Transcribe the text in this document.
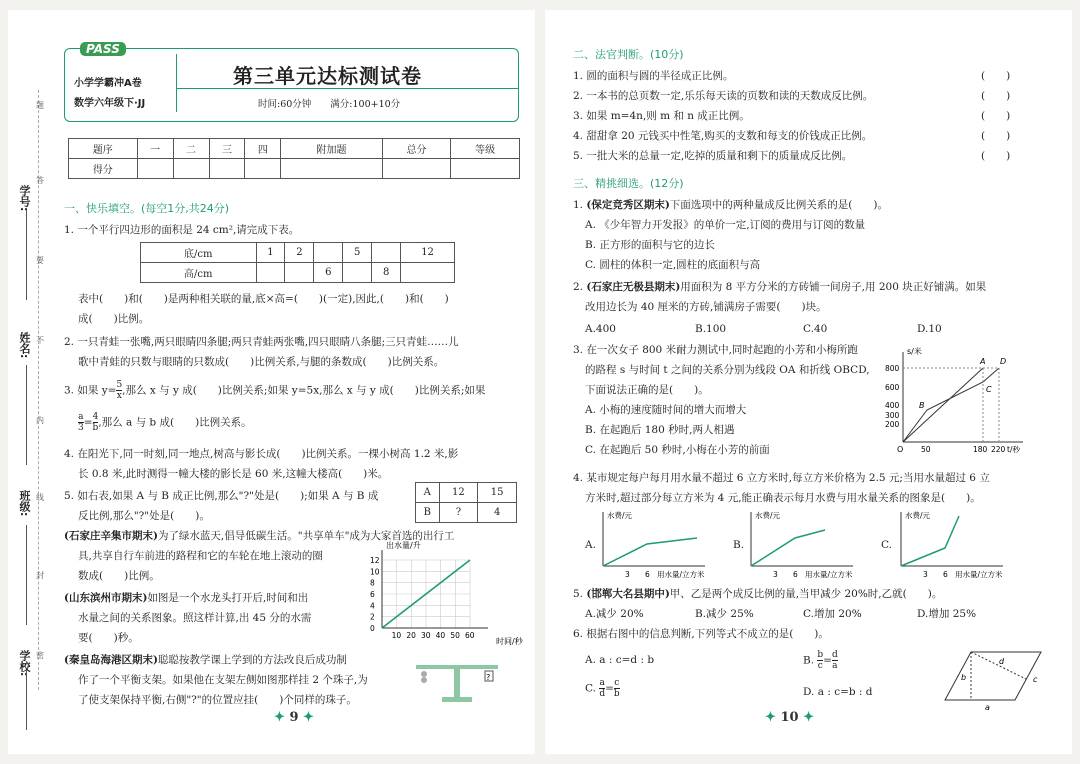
学号:
姓名:
班级:
学校:
题
答
要
不
内
线
封
密
PASS
小学学霸冲A卷
数学六年级下·JJ
第三单元达标测试卷
时间:60分钟　　满分:100+10分
题序	一	二	三	四	附加题	总分	等级
得分							
一、快乐填空。(每空1分,共24分)
1. 一个平行四边形的面积是 24 cm²,请完成下表。
底/cm	1	2		5		12
高/cm			6		8	
表中(　　)和(　　)是两种相关联的量,底×高=(　　)(一定),因此,(　　)和(　　)
成(　　)比例。
2. 一只青蛙一张嘴,两只眼睛四条腿;两只青蛙两张嘴,四只眼睛八条腿;三只青蛙……儿
歌中青蛙的只数与眼睛的只数成(　　)比例关系,与腿的条数成(　　)比例关系。
3. 如果 $y= \frac{5}{x}$ ,那么 x 与 y 成(　　)比例关系;如果 y=5x,那么 x 与 y 成(　　)比例关系;如果
$\frac{a}{3} = \frac{4}{b}$ ,那么 a 与 b 成(　　)比例关系。
4. 在阳光下,同一时刻,同一地点,树高与影长成(　　)比例关系。一棵小树高 1.2 米,影
长 0.8 米,此时测得一幢大楼的影长是 60 米,这幢大楼高(　　)米。
5. 如右表,如果 A 与 B 成正比例,那么"?"处是(　　);如果 A 与 B 成
反比例,那么"?"处是(　　)。
A	12	15
B	?	4
(石家庄辛集市期末)为了绿水蓝天,倡导低碳生活。"共享单车"成为大家首选的出行工
具,共享自行车前进的路程和它的车轮在地上滚动的圈
数成(　　)比例。
(山东滨州市期末)如图是一个水龙头打开后,时间和出
水量之间的关系图象。照这样计算,出 45 分的水需
要(　　)秒。
0
2
4
6
8
10
12
10 20 30 40 50 60
出水量/升
时间/秒
(秦皇岛海港区期末)聪聪按教学课上学到的方法改良后成功制
作了一个平衡支架。如果他在支架左侧如图那样挂 2 个珠子,为
了使支架保持平衡,右侧"?"的位置应挂(　　)个同样的珠子。
?
✦ 9 ✦
二、法官判断。(10分)
1. 圆的面积与圆的半径成正比例。
2. 一本书的总页数一定,乐乐每天读的页数和读的天数成反比例。
3. 如果 m=4n,则 m 和 n 成正比例。
4. 甜甜拿 20 元钱买中性笔,购买的支数和每支的价钱成正比例。
5. 一批大米的总量一定,吃掉的质量和剩下的质量成反比例。
(　　)
(　　)
(　　)
(　　)
(　　)
三、精挑细选。(12分)
1. (保定竞秀区期末)下面选项中的两种量成反比例关系的是(　　)。
A. 《少年智力开发报》的单价一定,订阅的费用与订阅的数量
B. 正方形的面积与它的边长
C. 圆柱的体积一定,圆柱的底面积与高
2. (石家庄无极县期末)用面积为 8 平方分米的方砖铺一间房子,用 200 块正好铺满。如果
改用边长为 40 厘米的方砖,铺满房子需要(　　)块。
A.400	B.100	C.40	D.10
3. 在一次女子 800 米耐力测试中,同时起跑的小芳和小梅所跑
的路程 s 与时间 t 之间的关系分别为线段 OA 和折线 OBCD,
下面说法正确的是(　　)。
A. 小梅的速度随时间的增大而增大
B. 在起跑后 180 秒时,两人相遇
C. 在起跑后 50 秒时,小梅在小芳的前面
s/米
800
600
400
300
200
O 50	180 220 t/秒
A D
B
C
4. 某市规定每户每月用水量不超过 6 立方米时,每立方米价格为 2.5 元;当用水量超过 6 立
方米时,超过部分每立方米为 4 元,能正确表示每月水费与用水量关系的图象是(　　)。
A.
水费/元
3 6 用水量/立方米
B.
水费/元
3 6 用水量/立方米
C.
水费/元
3 6 用水量/立方米
5. (邯郸大名县期中)甲、乙是两个成反比例的量,当甲减少 20%时,乙就(　　)。
A.减少 20%	B.减少 25%	C.增加 20%	D.增加 25%
6. 根据右图中的信息判断,下列等式不成立的是(　　)。
A. a : c=d : b	B. $\frac{b}{c} = \frac{d}{a}$
C. $\frac{a}{d} = \frac{c}{b}$	D. a : c=b : d
a
b	c
d
✦ 10 ✦
